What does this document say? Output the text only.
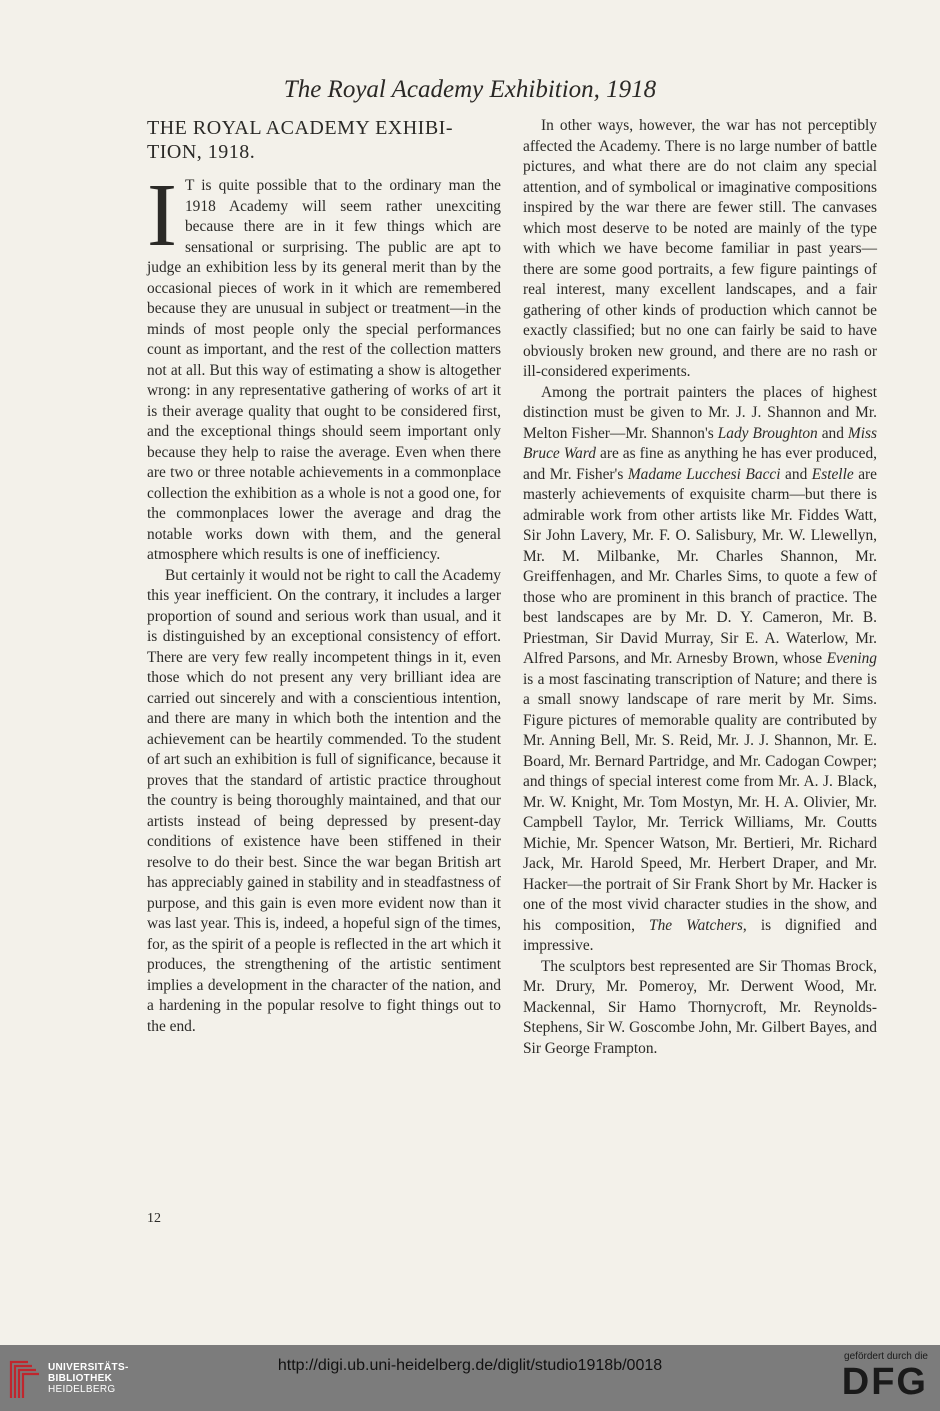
The Royal Academy Exhibition, 1918
THE ROYAL ACADEMY EXHIBI-
TION, 1918.

I T is quite possible that to the ordinary man the 1918 Academy will seem rather unexciting because there are in it few things which are sensational or surprising. The public are apt to judge an exhibition less by its general merit than by the occasional pieces of work in it which are remembered because they are unusual in subject or treatment—in the minds of most people only the special performances count as important, and the rest of the collection matters not at all. But this way of estimating a show is altogether wrong: in any representative gathering of works of art it is their average quality that ought to be considered first, and the exceptional things should seem important only because they help to raise the average. Even when there are two or three notable achievements in a commonplace collection the exhibition as a whole is not a good one, for the commonplaces lower the average and drag the notable works down with them, and the general atmosphere which results is one of inefficiency.

But certainly it would not be right to call the Academy this year inefficient. On the contrary, it includes a larger proportion of sound and serious work than usual, and it is distinguished by an exceptional consistency of effort. There are very few really incompetent things in it, even those which do not present any very brilliant idea are carried out sincerely and with a conscientious intention, and there are many in which both the intention and the achievement can be heartily commended. To the student of art such an exhibition is full of significance, because it proves that the standard of artistic practice throughout the country is being thoroughly maintained, and that our artists instead of being depressed by present-day conditions of existence have been stiffened in their resolve to do their best. Since the war began British art has appreciably gained in stability and in steadfastness of purpose, and this gain is even more evident now than it was last year. This is, indeed, a hopeful sign of the times, for, as the spirit of a people is reflected in the art which it produces, the strengthening of the artistic sentiment implies a development in the character of the nation, and a hardening in the popular resolve to fight things out to the end.

In other ways, however, the war has not perceptibly affected the Academy. There is no large number of battle pictures, and what there are do not claim any special attention, and of symbolical or imaginative compositions inspired by the war there are fewer still. The canvases which most deserve to be noted are mainly of the type with which we have become familiar in past years—there are some good portraits, a few figure paintings of real interest, many excellent landscapes, and a fair gathering of other kinds of production which cannot be exactly classified; but no one can fairly be said to have obviously broken new ground, and there are no rash or ill-considered experiments.

Among the portrait painters the places of highest distinction must be given to Mr. J. J. Shannon and Mr. Melton Fisher—Mr. Shannon's Lady Broughton and Miss Bruce Ward are as fine as anything he has ever produced, and Mr. Fisher's Madame Lucchesi Bacci and Estelle are masterly achievements of exquisite charm—but there is admirable work from other artists like Mr. Fiddes Watt, Sir John Lavery, Mr. F. O. Salisbury, Mr. W. Llewellyn, Mr. M. Milbanke, Mr. Charles Shannon, Mr. Greiffenhagen, and Mr. Charles Sims, to quote a few of those who are prominent in this branch of practice. The best landscapes are by Mr. D. Y. Cameron, Mr. B. Priestman, Sir David Murray, Sir E. A. Waterlow, Mr. Alfred Parsons, and Mr. Arnesby Brown, whose Evening is a most fascinating transcription of Nature; and there is a small snowy landscape of rare merit by Mr. Sims. Figure pictures of memorable quality are contributed by Mr. Anning Bell, Mr. S. Reid, Mr. J. J. Shannon, Mr. E. Board, Mr. Bernard Partridge, and Mr. Cadogan Cowper; and things of special interest come from Mr. A. J. Black, Mr. W. Knight, Mr. Tom Mostyn, Mr. H. A. Olivier, Mr. Campbell Taylor, Mr. Terrick Williams, Mr. Coutts Michie, Mr. Spencer Watson, Mr. Bertieri, Mr. Richard Jack, Mr. Harold Speed, Mr. Herbert Draper, and Mr. Hacker—the portrait of Sir Frank Short by Mr. Hacker is one of the most vivid character studies in the show, and his composition, The Watchers, is dignified and impressive.

The sculptors best represented are Sir Thomas Brock, Mr. Drury, Mr. Pomeroy, Mr. Derwent Wood, Mr. Mackennal, Sir Hamo Thornycroft, Mr. Reynolds-Stephens, Sir W. Goscombe John, Mr. Gilbert Bayes, and Sir George Frampton.

12
UNIVERSITÄTS-
BIBLIOTHEK
HEIDELBERG
http://digi.ub.uni-heidelberg.de/diglit/studio1918b/0018
gefördert durch die
DFG
